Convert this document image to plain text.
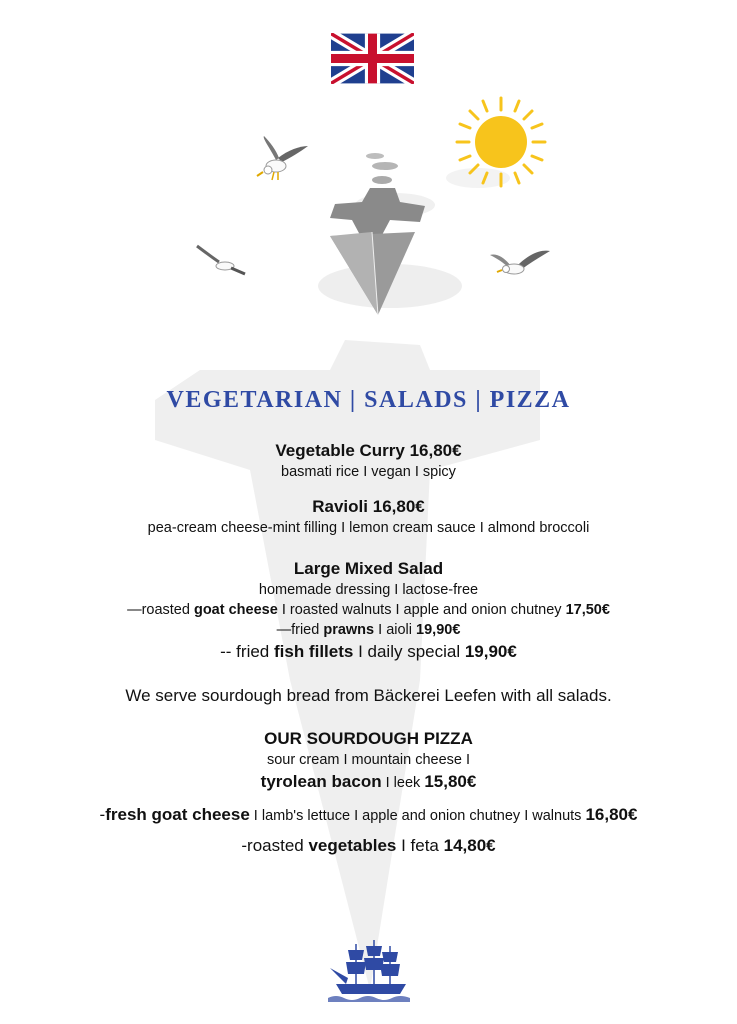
VEGETARIAN | SALADS | PIZZA
Vegetable Curry 16,80€
basmati rice I vegan I spicy
Ravioli 16,80€
pea-cream cheese-mint filling I lemon cream sauce I almond broccoli
Large Mixed Salad
homemade dressing I lactose-free
—roasted goat cheese I roasted walnuts I apple and onion chutney 17,50€
—fried prawns I aioli 19,90€
-- fried fish fillets I daily special 19,90€
We serve sourdough bread from Bäckerei Leefen with all salads.
OUR SOURDOUGH PIZZA
sour cream I mountain cheese I
tyrolean bacon I leek 15,80€
-fresh goat cheese I lamb's lettuce I apple and onion chutney I walnuts 16,80€
-roasted vegetables I feta 14,80€
